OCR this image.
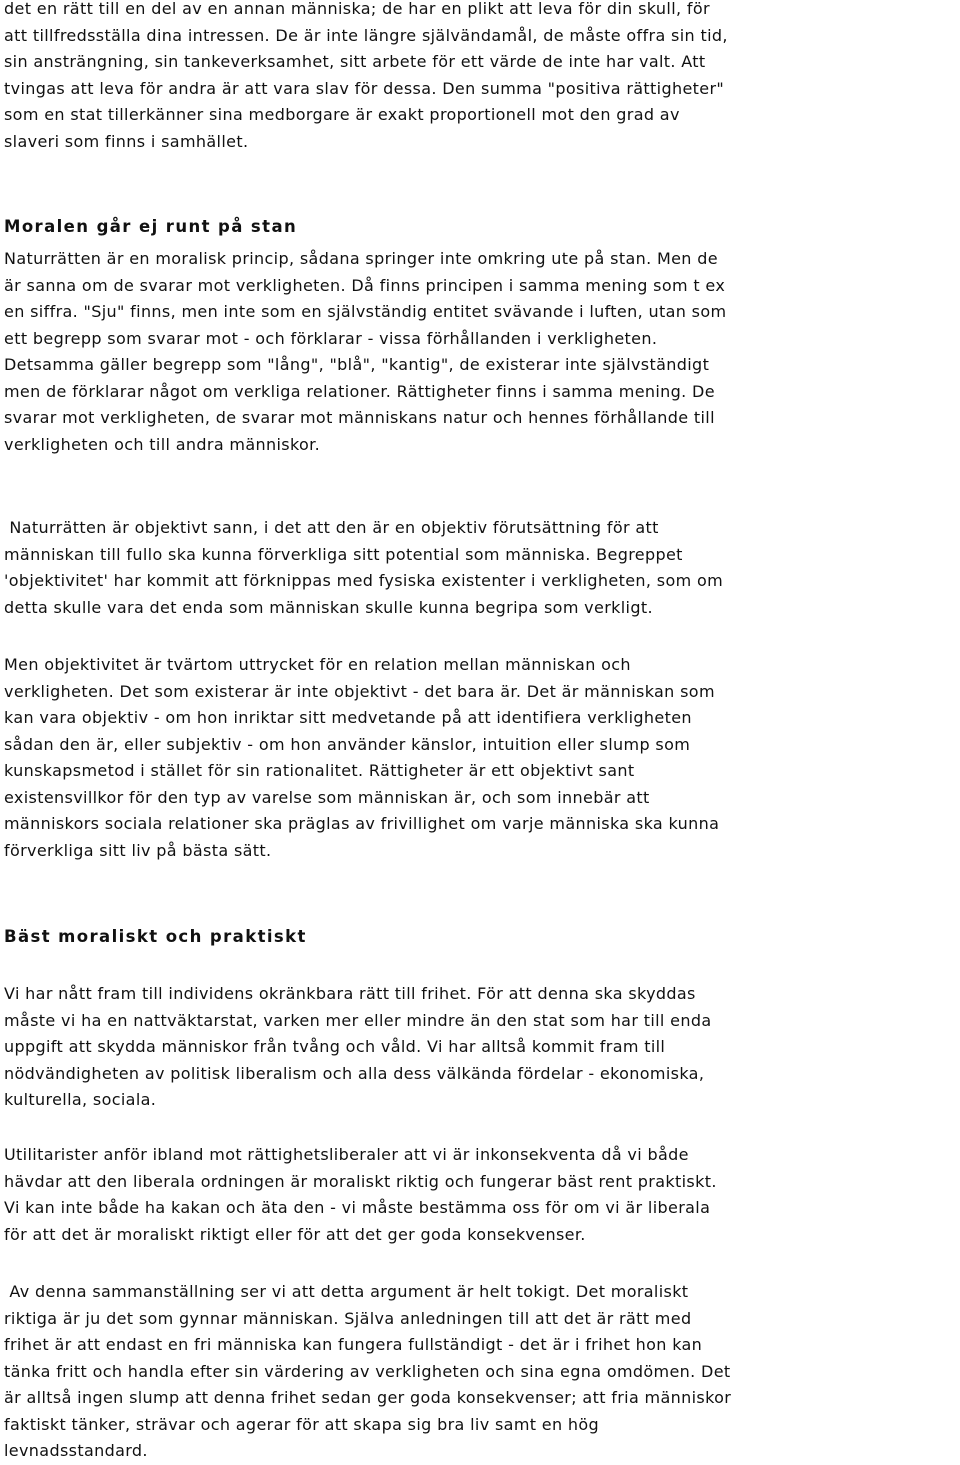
det en rätt till en del av en annan människa; de har en plikt att leva för din skull, för
att tillfredsställa dina intressen. De är inte längre självändamål, de måste offra sin tid,
sin ansträngning, sin tankeverksamhet, sitt arbete för ett värde de inte har valt. Att
tvingas att leva för andra är att vara slav för dessa. Den summa "positiva rättigheter"
som en stat tillerkänner sina medborgare är exakt proportionell mot den grad av
slaveri som finns i samhället.
Moralen går ej runt på stan
Naturrätten är en moralisk princip, sådana springer inte omkring ute på stan. Men de
är sanna om de svarar mot verkligheten. Då finns principen i samma mening som t ex
en siffra. "Sju" finns, men inte som en självständig entitet svävande i luften, utan som
ett begrepp som svarar mot - och förklarar - vissa förhållanden i verkligheten.
Detsamma gäller begrepp som "lång", "blå", "kantig", de existerar inte självständigt
men de förklarar något om verkliga relationer. Rättigheter finns i samma mening. De
svarar mot verkligheten, de svarar mot människans natur och hennes förhållande till
verkligheten och till andra människor.
Naturrätten är objektivt sann, i det att den är en objektiv förutsättning för att
människan till fullo ska kunna förverkliga sitt potential som människa. Begreppet
'objektivitet' har kommit att förknippas med fysiska existenter i verkligheten, som om
detta skulle vara det enda som människan skulle kunna begripa som verkligt.
Men objektivitet är tvärtom uttrycket för en relation mellan människan och
verkligheten. Det som existerar är inte objektivt - det bara är. Det är människan som
kan vara objektiv - om hon inriktar sitt medvetande på att identifiera verkligheten
sådan den är, eller subjektiv - om hon använder känslor, intuition eller slump som
kunskapsmetod i stället för sin rationalitet. Rättigheter är ett objektivt sant
existensvillkor för den typ av varelse som människan är, och som innebär att
människors sociala relationer ska präglas av frivillighet om varje människa ska kunna
förverkliga sitt liv på bästa sätt.
Bäst moraliskt och praktiskt
Vi har nått fram till individens okränkbara rätt till frihet. För att denna ska skyddas
måste vi ha en nattväktarstat, varken mer eller mindre än den stat som har till enda
uppgift att skydda människor från tvång och våld. Vi har alltså kommit fram till
nödvändigheten av politisk liberalism och alla dess välkända fördelar - ekonomiska,
kulturella, sociala.
Utilitarister anför ibland mot rättighetsliberaler att vi är inkonsekventa då vi både
hävdar att den liberala ordningen är moraliskt riktig och fungerar bäst rent praktiskt.
Vi kan inte både ha kakan och äta den - vi måste bestämma oss för om vi är liberala
för att det är moraliskt riktigt eller för att det ger goda konsekvenser.
Av denna sammanställning ser vi att detta argument är helt tokigt. Det moraliskt
riktiga är ju det som gynnar människan. Själva anledningen till att det är rätt med
frihet är att endast en fri människa kan fungera fullständigt - det är i frihet hon kan
tänka fritt och handla efter sin värdering av verkligheten och sina egna omdömen. Det
är alltså ingen slump att denna frihet sedan ger goda konsekvenser; att fria människor
faktiskt tänker, strävar och agerar för att skapa sig bra liv samt en hög
levnadsstandard.
